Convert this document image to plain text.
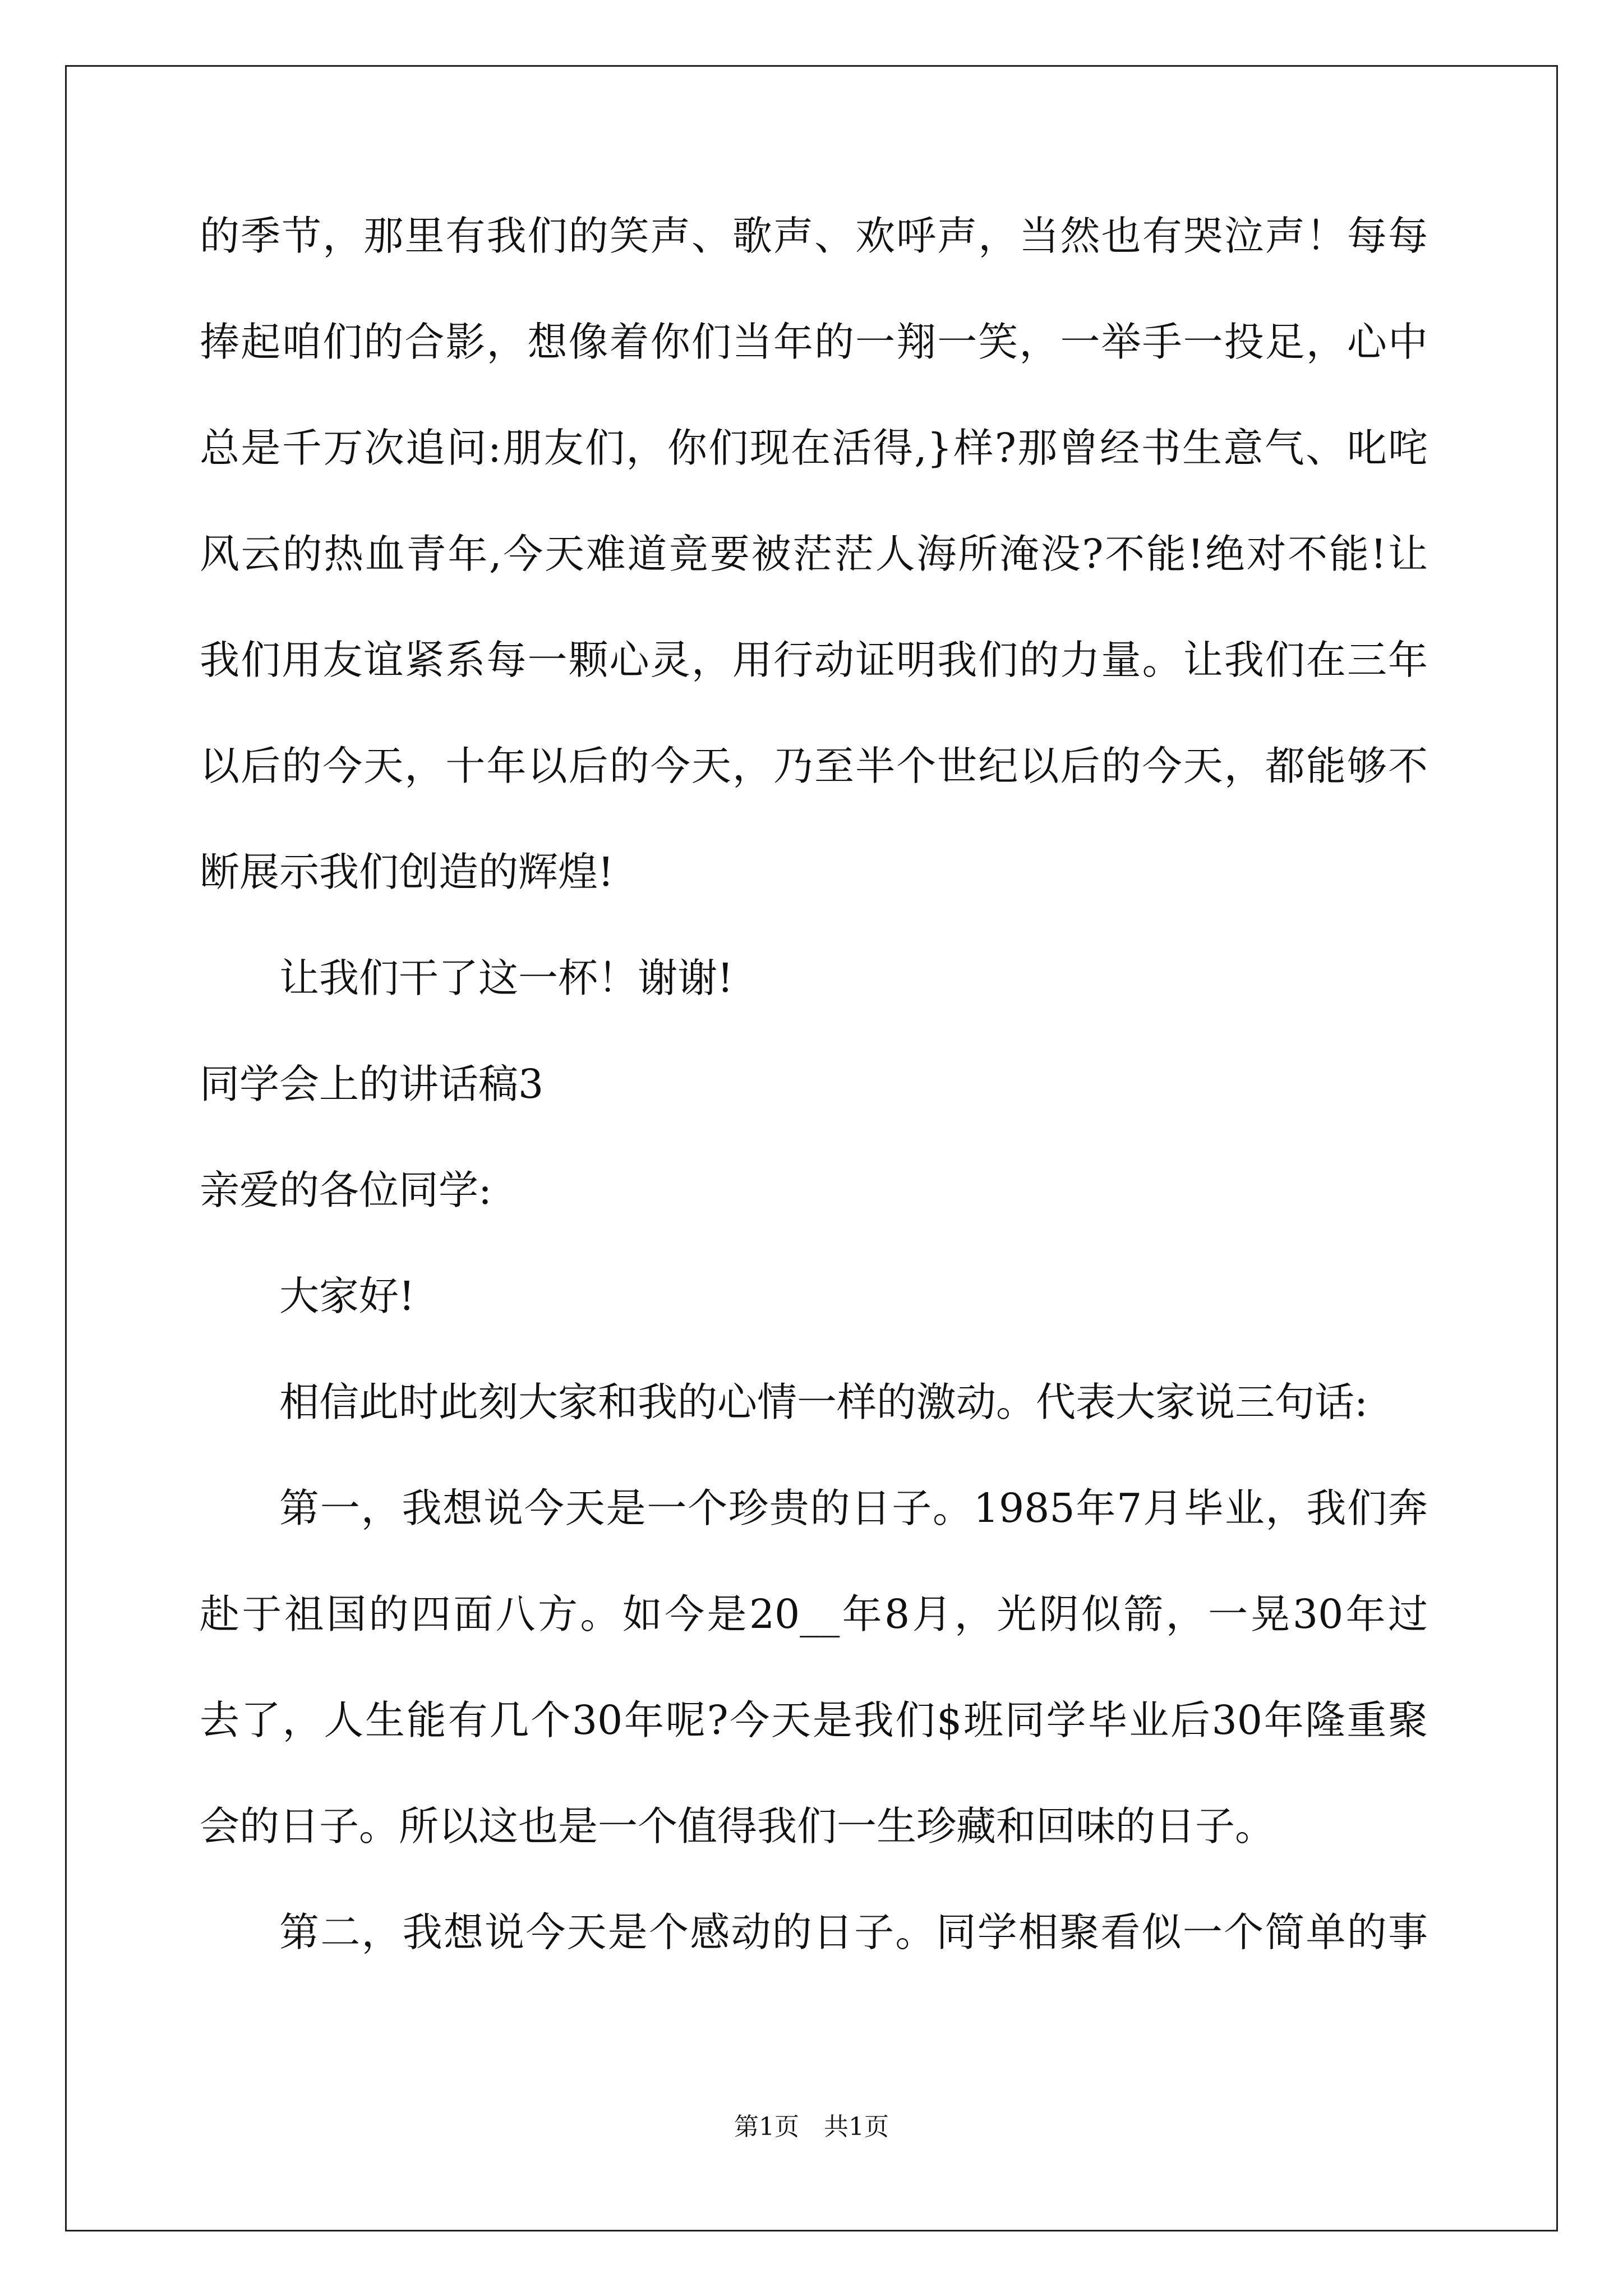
的季节，那里有我们的笑声、歌声、欢呼声，当然也有哭泣声！每每
捧起咱们的合影，想像着你们当年的一翔一笑，一举手一投足，心中
总是千万次追问:朋友们，你们现在活得,}样?那曾经书生意气、叱咤
风云的热血青年,今天难道竟要被茫茫人海所淹没?不能!绝对不能!让
我们用友谊紧系每一颗心灵，用行动证明我们的力量。让我们在三年
以后的今天，十年以后的今天，乃至半个世纪以后的今天，都能够不
断展示我们创造的辉煌!
让我们干了这一杯！谢谢!
同学会上的讲话稿3
亲爱的各位同学:
大家好!
相信此时此刻大家和我的心情一样的激动。代表大家说三句话:
第一，我想说今天是一个珍贵的日子。1985年7月毕业，我们奔
赴于祖国的四面八方。如今是20__年8月，光阴似箭，一晃30年过
去了，人生能有几个30年呢?今天是我们$班同学毕业后30年隆重聚
会的日子。所以这也是一个值得我们一生珍藏和回味的日子。
第二，我想说今天是个感动的日子。同学相聚看似一个简单的事
第1页　共1页
